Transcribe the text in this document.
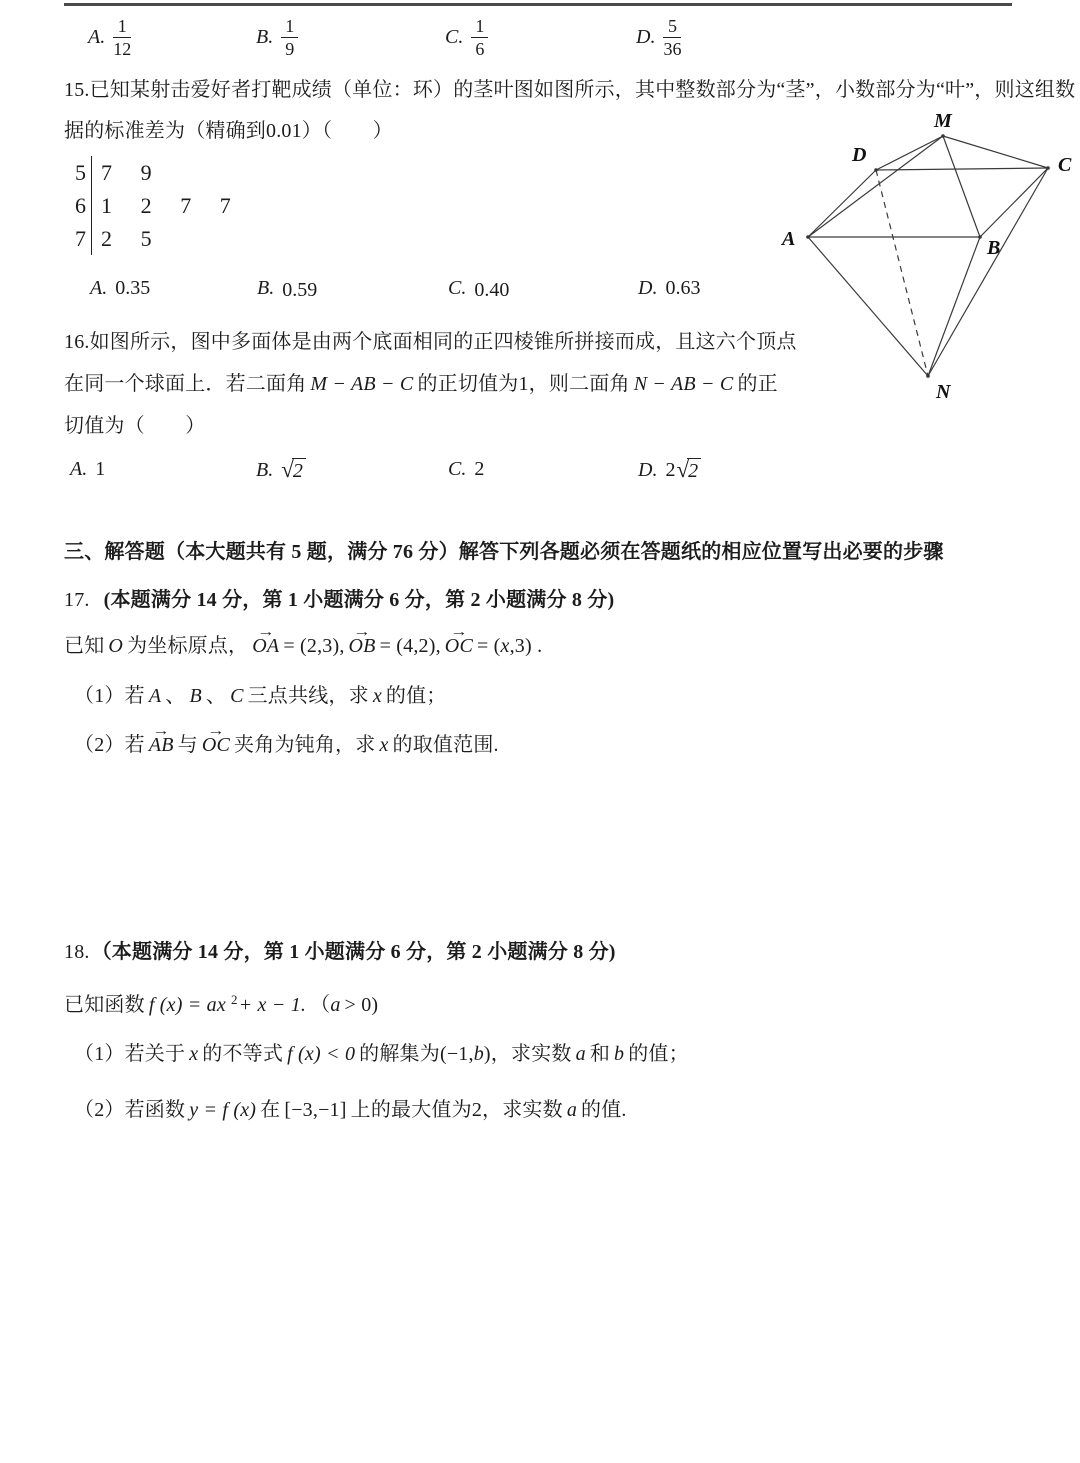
A. $\frac{1}{12}$	B. $\frac{1}{9}$	C. $\frac{1}{6}$	D. $\frac{5}{36}$
15.已知某射击爱好者打靶成绩（单位：环）的茎叶图如图所示，其中整数部分为“茎”，小数部分为“叶”，则这组数
据的标准差为（精确到0.01）（　　）
5 7 9
6 1 2 7 7
7 2 5
A. 0.35	B. 0.59	C. 0.40	D. 0.63
M
D	C
A	B
N
16.如图所示，图中多面体是由两个底面相同的正四棱锥所拼接而成，且这六个顶点
在同一个球面上．若二面角 M − AB − C 的正切值为1，则二面角 N − AB − C 的正
切值为（　　）
A. 1	B. √ 2	C. 2	D. 2 √ 2
三、解答题（本大题共有 5 题，满分 76 分）解答下列各题必须在答题纸的相应位置写出必要的步骤
17. (本题满分 14 分，第 1 小题满分 6 分，第 2 小题满分 8 分)
已知 O 为坐标原点， → OA = (2,3), → OB = (4,2), → OC = (x,3) .
（1）若 A 、 B 、 C 三点共线，求 x 的值；
（2）若 → AB 与 → OC 夹角为钝角，求 x 的取值范围.
18. （本题满分 14 分，第 1 小题满分 6 分，第 2 小题满分 8 分)
已知函数 f (x) = ax $^2$+ x − 1. （a > 0)
（1）若关于 x 的不等式 f (x) < 0 的解集为(−1,b)，求实数 a 和 b 的值；
（2）若函数 y = f (x) 在 [−3,−1] 上的最大值为2，求实数 a 的值.
